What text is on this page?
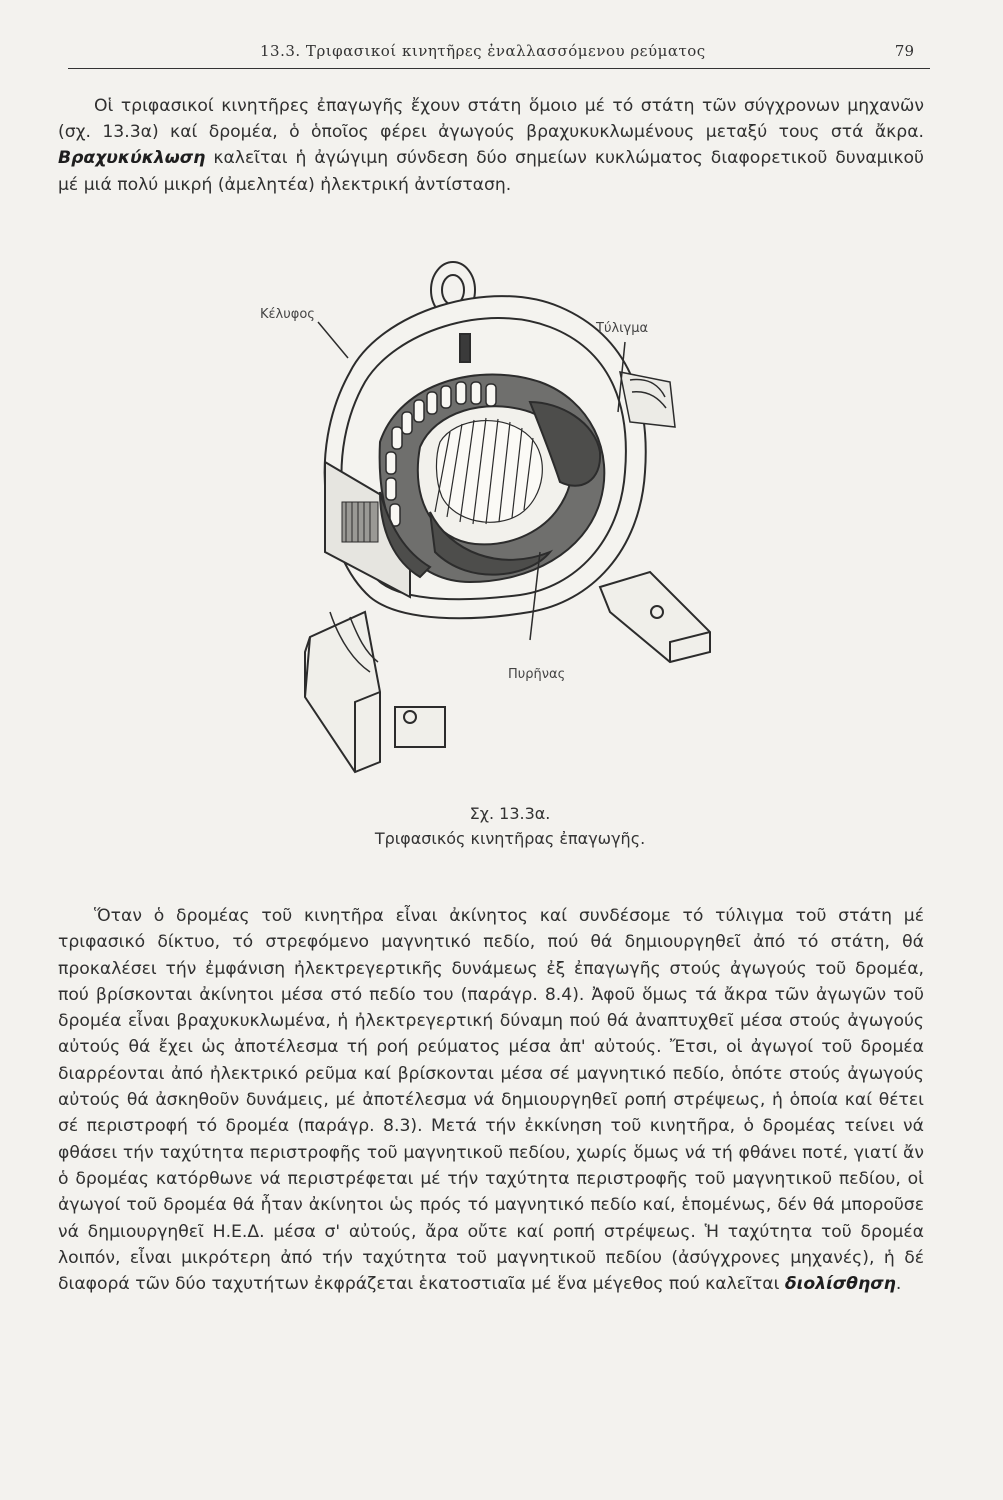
13.3. Τριφασικοί κινητῆρες ἐναλλασσόμενου ρεύματος	79
Οἱ τριφασικοί κινητῆρες ἐπαγωγῆς ἔχουν στάτη ὅμοιο μέ τό στάτη τῶν σύγχρονων μηχανῶν (σχ. 13.3α) καί δρομέα, ὁ ὁποῖος φέρει ἀγωγούς βραχυκυκλωμένους μεταξύ τους στά ἄκρα. Βραχυκύκλωση καλεῖται ἡ ἀγώγιμη σύνδεση δύο σημείων κυκλώματος διαφορετικοῦ δυναμικοῦ μέ μιά πολύ μικρή (ἀμελητέα) ἠλεκτρική ἀντίσταση.
Κέλυφος
Τύλιγμα
Πυρῆνας
Σχ. 13.3α.
Τριφασικός κινητῆρας ἐπαγωγῆς.
Ὅταν ὁ δρομέας τοῦ κινητῆρα εἶναι ἀκίνητος καί συνδέσομε τό τύλιγμα τοῦ στάτη μέ τριφασικό δίκτυο, τό στρεφόμενο μαγνητικό πεδίο, πού θά δημιουργηθεῖ ἀπό τό στάτη, θά προκαλέσει τήν ἐμφάνιση ἠλεκτρεγερτικῆς δυνάμεως ἐξ ἐπαγωγῆς στούς ἀγωγούς τοῦ δρομέα, πού βρίσκονται ἀκίνητοι μέσα στό πεδίο του (παράγρ. 8.4). Ἀφοῦ ὅμως τά ἄκρα τῶν ἀγωγῶν τοῦ δρομέα εἶναι βραχυκυκλωμένα, ἡ ἠλεκτρεγερτική δύναμη πού θά ἀναπτυχθεῖ μέσα στούς ἀγωγούς αὐτούς θά ἔχει ὡς ἀποτέλεσμα τή ροή ρεύματος μέσα ἀπ' αὐτούς. Ἔτσι, οἱ ἀγωγοί τοῦ δρομέα διαρρέονται ἀπό ἠλεκτρικό ρεῦμα καί βρίσκονται μέσα σέ μαγνητικό πεδίο, ὁπότε στούς ἀγωγούς αὐτούς θά ἀσκηθοῦν δυνάμεις, μέ ἀποτέλεσμα νά δημιουργηθεῖ ροπή στρέψεως, ἡ ὁποία καί θέτει σέ περιστροφή τό δρομέα (παράγρ. 8.3). Μετά τήν ἐκκίνηση τοῦ κινητῆρα, ὁ δρομέας τείνει νά φθάσει τήν ταχύτητα περιστροφῆς τοῦ μαγνητικοῦ πεδίου, χωρίς ὅμως νά τή φθάνει ποτέ, γιατί ἄν ὁ δρομέας κατόρθωνε νά περιστρέφεται μέ τήν ταχύτητα περιστροφῆς τοῦ μαγνητικοῦ πεδίου, οἱ ἀγωγοί τοῦ δρομέα θά ἦταν ἀκίνητοι ὡς πρός τό μαγνητικό πεδίο καί, ἑπομένως, δέν θά μποροῦσε νά δημιουργηθεῖ Η.Ε.Δ. μέσα σ' αὐτούς, ἄρα οὔτε καί ροπή στρέψεως. Ἡ ταχύτητα τοῦ δρομέα λοιπόν, εἶναι μικρότερη ἀπό τήν ταχύτητα τοῦ μαγνητικοῦ πεδίου (ἀσύγχρονες μηχανές), ἡ δέ διαφορά τῶν δύο ταχυτήτων ἐκφράζεται ἑκατοστιαῖα μέ ἕνα μέγεθος πού καλεῖται διολίσθηση.
